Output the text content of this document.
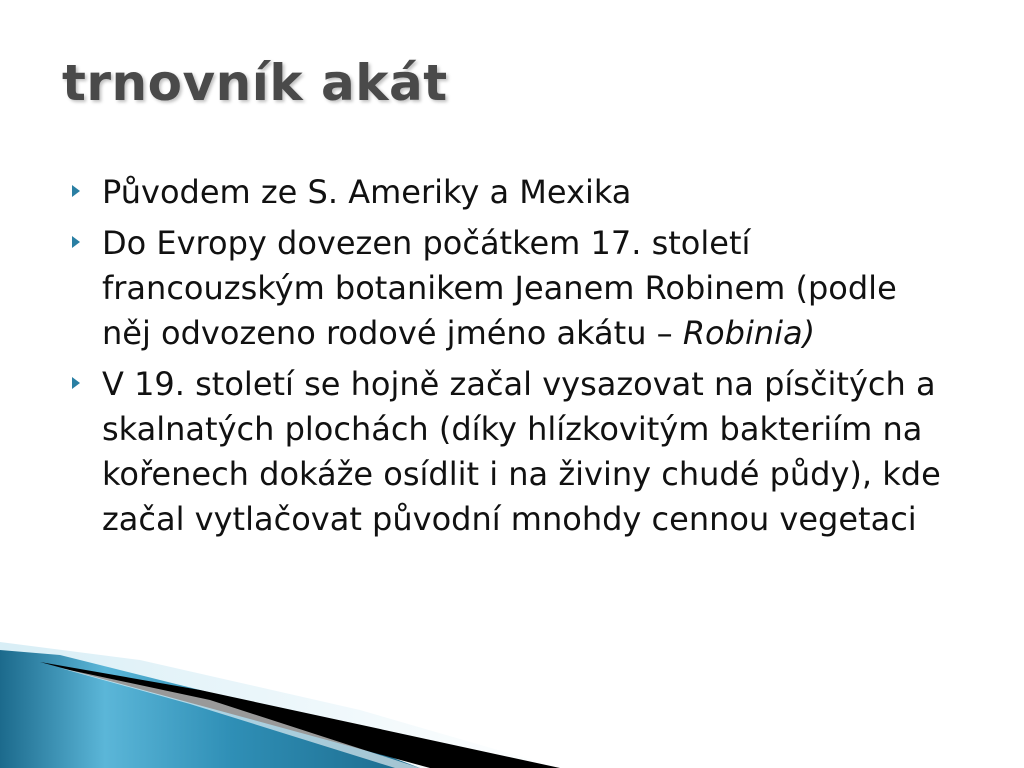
trnovník akát
Původem ze S. Ameriky a Mexika
Do Evropy dovezen počátkem 17. století francouzským botanikem Jeanem Robinem (podle něj odvozeno rodové jméno akátu – Robinia)
V 19. století se hojně začal vysazovat na písčitých a skalnatých plochách (díky hlízkovitým bakteriím na kořenech dokáže osídlit i na živiny chudé půdy), kde začal vytlačovat původní mnohdy cennou vegetaci
